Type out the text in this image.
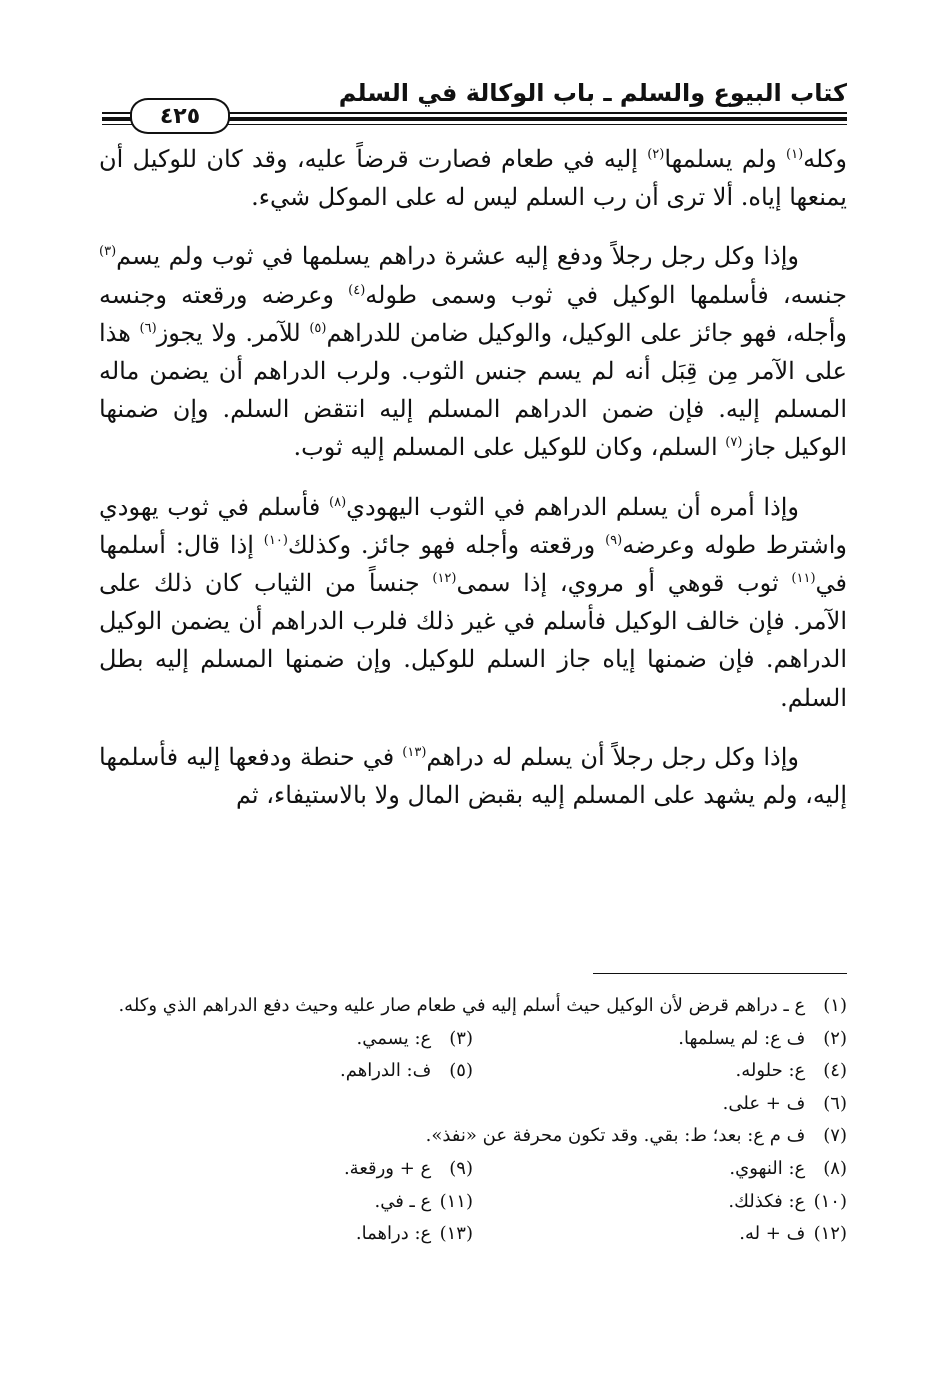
كتاب البيوع والسلم ـ باب الوكالة في السلم
٤٢٥

وكله$^{(١)}$ ولم يسلمها$^{(٢)}$ إليه في طعام فصارت قرضاً عليه، وقد كان للوكيل أن يمنعها إياه. ألا ترى أن رب السلم ليس له على الموكل شيء.

وإذا وكل رجل رجلاً ودفع إليه عشرة دراهم يسلمها في ثوب ولم يسم$^{(٣)}$ جنسه، فأسلمها الوكيل في ثوب وسمى طوله$^{(٤)}$ وعرضه ورقعته وجنسه وأجله، فهو جائز على الوكيل، والوكيل ضامن للدراهم$^{(٥)}$ للآمر. ولا يجوز$^{(٦)}$ هذا على الآمر مِن قِبَل أنه لم يسم جنس الثوب. ولرب الدراهم أن يضمن ماله المسلم إليه. فإن ضمن الدراهم المسلم إليه انتقض السلم. وإن ضمنها الوكيل جاز$^{(٧)}$ السلم، وكان للوكيل على المسلم إليه ثوب.

وإذا أمره أن يسلم الدراهم في الثوب اليهودي$^{(٨)}$ فأسلم في ثوب يهودي واشترط طوله وعرضه$^{(٩)}$ ورقعته وأجله فهو جائز. وكذلك$^{(١٠)}$ إذا قال: أسلمها في$^{(١١)}$ ثوب قوهي أو مروي، إذا سمى$^{(١٢)}$ جنساً من الثياب كان ذلك على الآمر. فإن خالف الوكيل فأسلم في غير ذلك فلرب الدراهم أن يضمن الوكيل الدراهم. فإن ضمنها إياه جاز السلم للوكيل. وإن ضمنها المسلم إليه بطل السلم.

وإذا وكل رجل رجلاً أن يسلم له دراهم$^{(١٣)}$ في حنطة ودفعها إليه فأسلمها إليه، ولم يشهد على المسلم إليه بقبض المال ولا بالاستيفاء، ثم

(١) ع ـ دراهم قرض لأن الوكيل حيث أسلم إليه في طعام صار عليه وحيث دفع الدراهم الذي وكله.
(٢) ف ع: لم يسلمها.
(٣) ع: يسمي.
(٤) ع: حلوله.
(٥) ف: الدراهم.
(٦) ف + على.
(٧) ف م ع: بعد؛ ط: بقي. وقد تكون محرفة عن «نفذ».
(٨) ع: النهوي.
(٩) ع + ورقعة.
(١٠) ع: فكذلك.
(١١) ع ـ في.
(١٢) ف + له.
(١٣) ع: دراهما.
